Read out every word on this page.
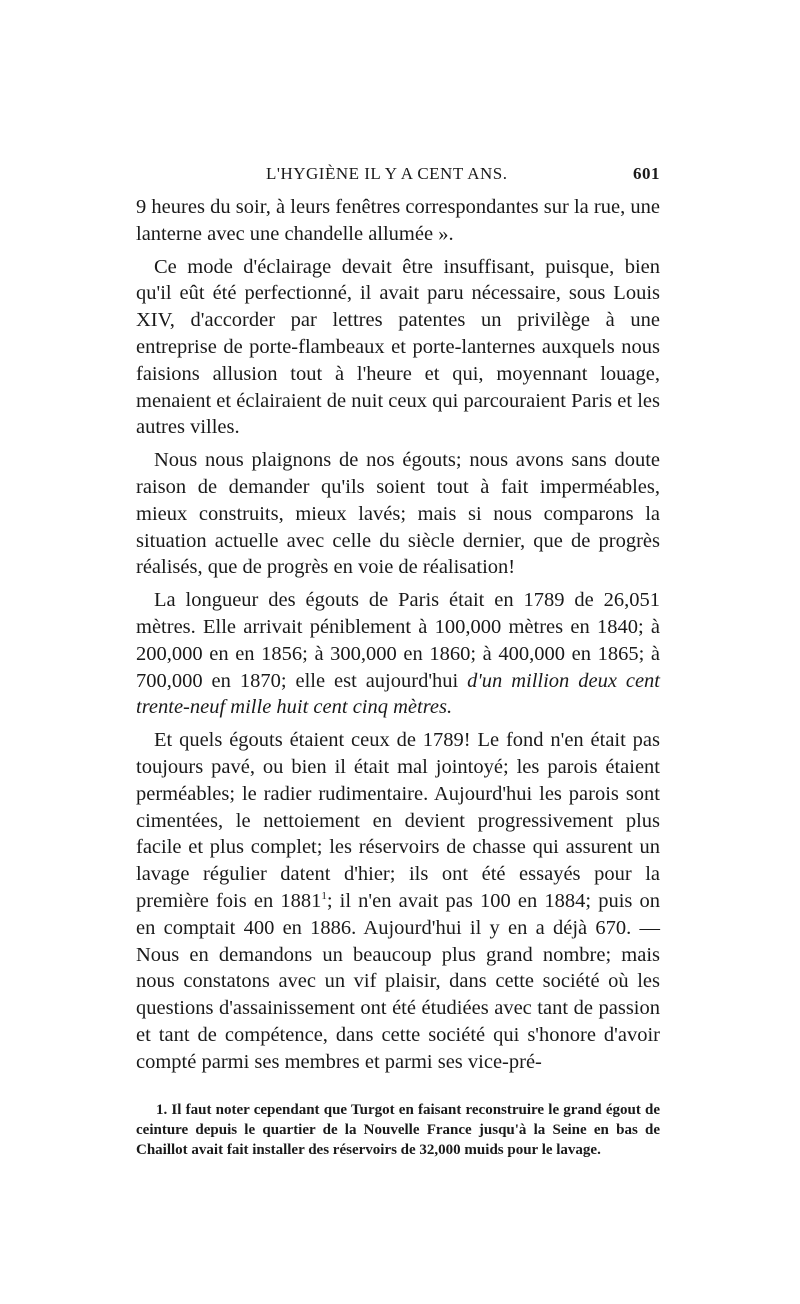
L'HYGIÈNE IL Y A CENT ANS.	601

9 heures du soir, à leurs fenêtres correspondantes sur la rue, une lanterne avec une chandelle allumée ».

Ce mode d'éclairage devait être insuffisant, puisque, bien qu'il eût été perfectionné, il avait paru nécessaire, sous Louis XIV, d'accorder par lettres patentes un privilège à une entreprise de porte-flambeaux et porte-lanternes auxquels nous faisions allusion tout à l'heure et qui, moyennant louage, menaient et éclairaient de nuit ceux qui parcouraient Paris et les autres villes.

Nous nous plaignons de nos égouts; nous avons sans doute raison de demander qu'ils soient tout à fait imperméables, mieux construits, mieux lavés; mais si nous comparons la situation actuelle avec celle du siècle dernier, que de progrès réalisés, que de progrès en voie de réalisation!

La longueur des égouts de Paris était en 1789 de 26,051 mètres. Elle arrivait péniblement à 100,000 mètres en 1840; à 200,000 en en 1856; à 300,000 en 1860; à 400,000 en 1865; à 700,000 en 1870; elle est aujourd'hui d'un million deux cent trente-neuf mille huit cent cinq mètres.

Et quels égouts étaient ceux de 1789! Le fond n'en était pas toujours pavé, ou bien il était mal jointoyé; les parois étaient perméables; le radier rudimentaire. Aujourd'hui les parois sont cimentées, le nettoiement en devient progressivement plus facile et plus complet; les réservoirs de chasse qui assurent un lavage régulier datent d'hier; ils ont été essayés pour la première fois en 1881$^1$; il n'en avait pas 100 en 1884; puis on en comptait 400 en 1886. Aujourd'hui il y en a déjà 670. — Nous en demandons un beaucoup plus grand nombre; mais nous constatons avec un vif plaisir, dans cette société où les questions d'assainissement ont été étudiées avec tant de passion et tant de compétence, dans cette société qui s'honore d'avoir compté parmi ses membres et parmi ses vice-pré-

1. Il faut noter cependant que Turgot en faisant reconstruire le grand égout de ceinture depuis le quartier de la Nouvelle France jusqu'à la Seine en bas de Chaillot avait fait installer des réservoirs de 32,000 muids pour le lavage.
